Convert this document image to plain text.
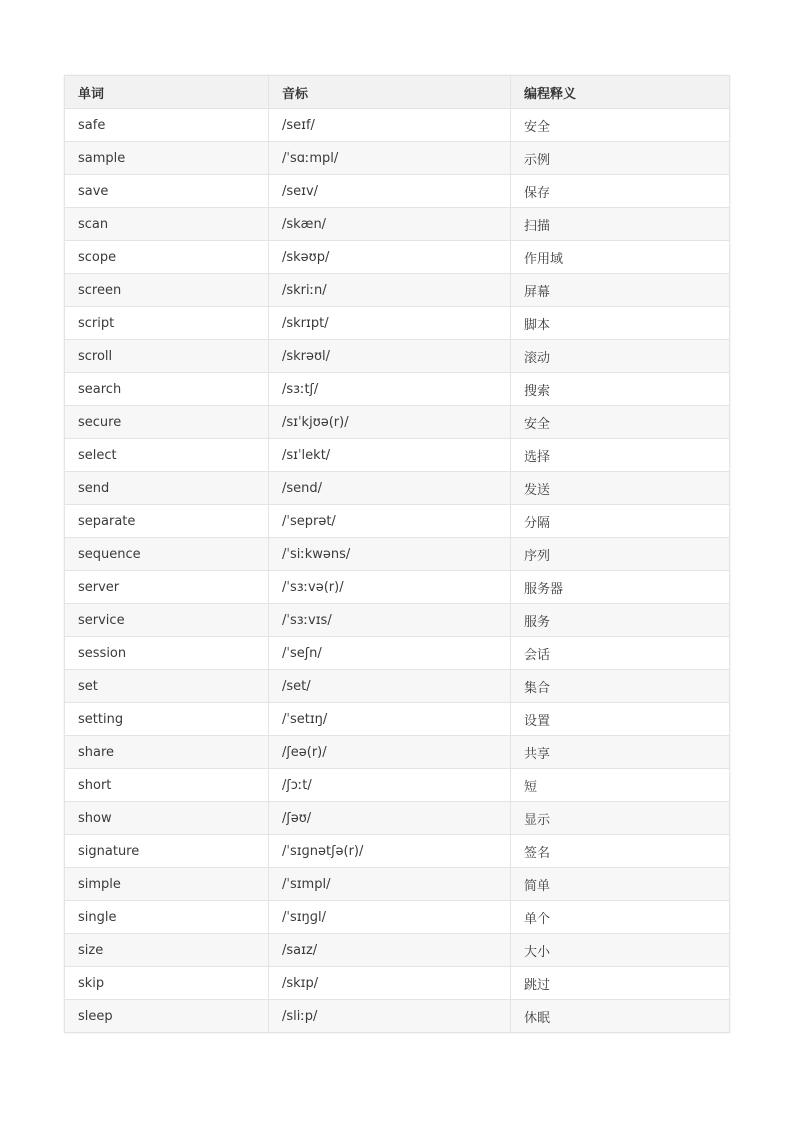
单词	音标	编程释义
safe	/seɪf/	安全
sample	/ˈsɑːmpl/	示例
save	/seɪv/	保存
scan	/skæn/	扫描
scope	/skəʊp/	作用域
screen	/skriːn/	屏幕
script	/skrɪpt/	脚本
scroll	/skrəʊl/	滚动
search	/sɜːtʃ/	搜索
secure	/sɪˈkjʊə(r)/	安全
select	/sɪˈlekt/	选择
send	/send/	发送
separate	/ˈseprət/	分隔
sequence	/ˈsiːkwəns/	序列
server	/ˈsɜːvə(r)/	服务器
service	/ˈsɜːvɪs/	服务
session	/ˈseʃn/	会话
set	/set/	集合
setting	/ˈsetɪŋ/	设置
share	/ʃeə(r)/	共享
short	/ʃɔːt/	短
show	/ʃəʊ/	显示
signature	/ˈsɪɡnətʃə(r)/	签名
simple	/ˈsɪmpl/	简单
single	/ˈsɪŋɡl/	单个
size	/saɪz/	大小
skip	/skɪp/	跳过
sleep	/sliːp/	休眠
